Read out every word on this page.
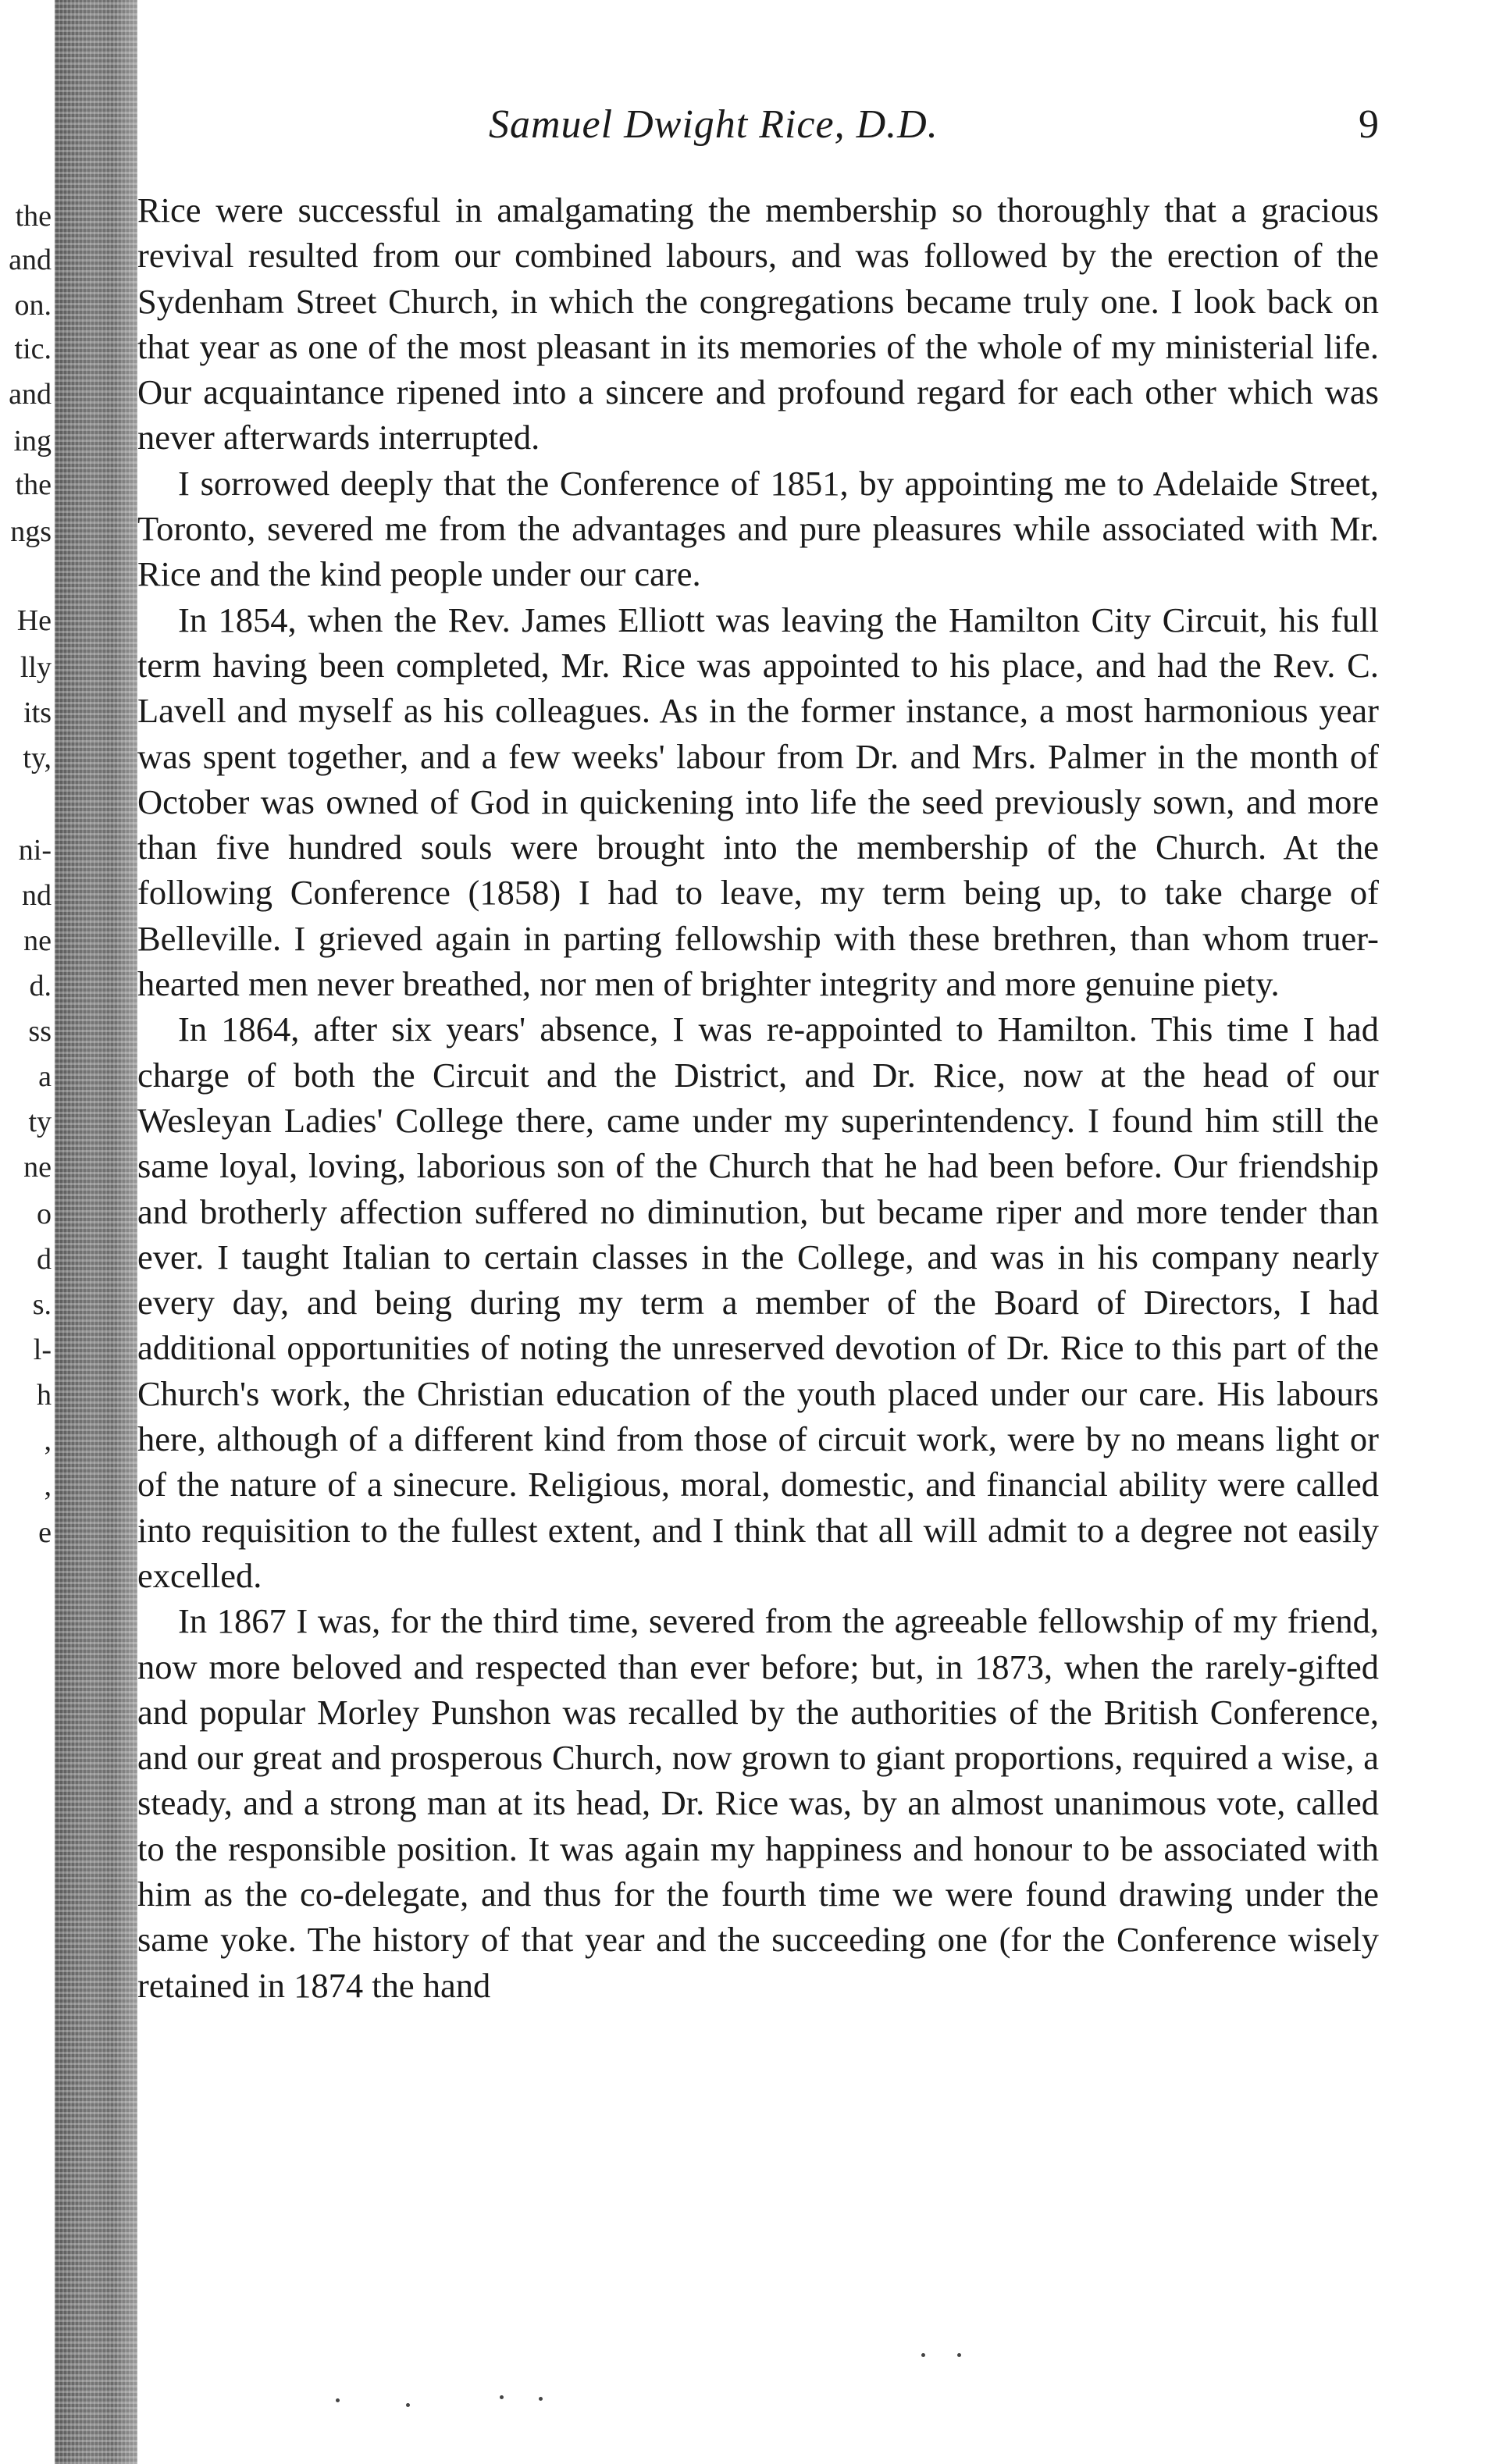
the
and
on.
tic.
and
ing
the
ngs
He
lly
its
ty,
ni-
nd
ne
d.
ss
a
ty
ne
o
d
s.
l-
h
,
,
e
Samuel Dwight Rice, D.D.	9

Rice were successful in amalgamating the membership so thoroughly that a gracious revival resulted from our combined labours, and was followed by the erection of the Sydenham Street Church, in which the congregations became truly one. I look back on that year as one of the most pleasant in its memories of the whole of my ministerial life. Our acquaintance ripened into a sincere and profound regard for each other which was never afterwards interrupted.

I sorrowed deeply that the Conference of 1851, by appointing me to Adelaide Street, Toronto, severed me from the advantages and pure pleasures while associated with Mr. Rice and the kind people under our care.

In 1854, when the Rev. James Elliott was leaving the Hamilton City Circuit, his full term having been completed, Mr. Rice was appointed to his place, and had the Rev. C. Lavell and myself as his colleagues. As in the former instance, a most harmonious year was spent together, and a few weeks' labour from Dr. and Mrs. Palmer in the month of October was owned of God in quickening into life the seed previously sown, and more than five hundred souls were brought into the membership of the Church. At the following Conference (1858) I had to leave, my term being up, to take charge of Belleville. I grieved again in parting fellowship with these brethren, than whom truer-hearted men never breathed, nor men of brighter integrity and more genuine piety.

In 1864, after six years' absence, I was re-appointed to Hamilton. This time I had charge of both the Circuit and the District, and Dr. Rice, now at the head of our Wesleyan Ladies' College there, came under my superintendency. I found him still the same loyal, loving, laborious son of the Church that he had been before. Our friendship and brotherly affection suffered no diminution, but became riper and more tender than ever. I taught Italian to certain classes in the College, and was in his company nearly every day, and being during my term a member of the Board of Directors, I had additional opportunities of noting the unreserved devotion of Dr. Rice to this part of the Church's work, the Christian education of the youth placed under our care. His labours here, although of a different kind from those of circuit work, were by no means light or of the nature of a sinecure. Religious, moral, domestic, and financial ability were called into requisition to the fullest extent, and I think that all will admit to a degree not easily excelled.

In 1867 I was, for the third time, severed from the agreeable fellowship of my friend, now more beloved and respected than ever before; but, in 1873, when the rarely-gifted and popular Morley Punshon was recalled by the authorities of the British Conference, and our great and prosperous Church, now grown to giant proportions, required a wise, a steady, and a strong man at its head, Dr. Rice was, by an almost unanimous vote, called to the responsible position. It was again my happiness and honour to be associated with him as the co-delegate, and thus for the fourth time we were found drawing under the same yoke. The history of that year and the succeeding one (for the Conference wisely retained in 1874 the hand
